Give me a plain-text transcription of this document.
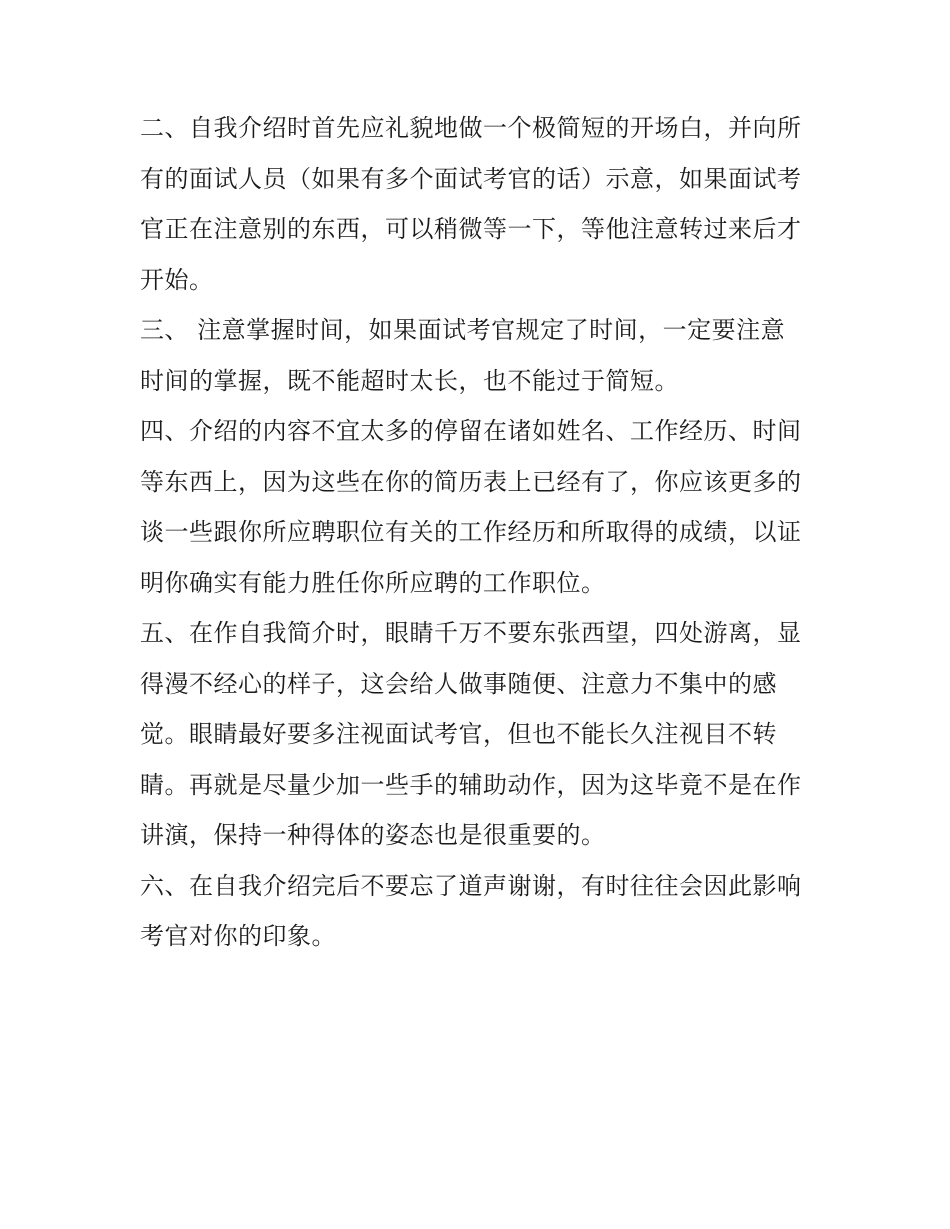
二、自我介绍时首先应礼貌地做一个极简短的开场白，并向所
有的面试人员（如果有多个面试考官的话）示意，如果面试考
官正在注意别的东西，可以稍微等一下，等他注意转过来后才
开始。
三、 注意掌握时间，如果面试考官规定了时间，一定要注意
时间的掌握，既不能超时太长，也不能过于简短。
四、介绍的内容不宜太多的停留在诸如姓名、工作经历、时间
等东西上，因为这些在你的简历表上已经有了，你应该更多的
谈一些跟你所应聘职位有关的工作经历和所取得的成绩，以证
明你确实有能力胜任你所应聘的工作职位。
五、在作自我简介时，眼睛千万不要东张西望，四处游离，显
得漫不经心的样子，这会给人做事随便、注意力不集中的感
觉。眼睛最好要多注视面试考官，但也不能长久注视目不转
睛。再就是尽量少加一些手的辅助动作，因为这毕竟不是在作
讲演，保持一种得体的姿态也是很重要的。
六、在自我介绍完后不要忘了道声谢谢，有时往往会因此影响
考官对你的印象。
